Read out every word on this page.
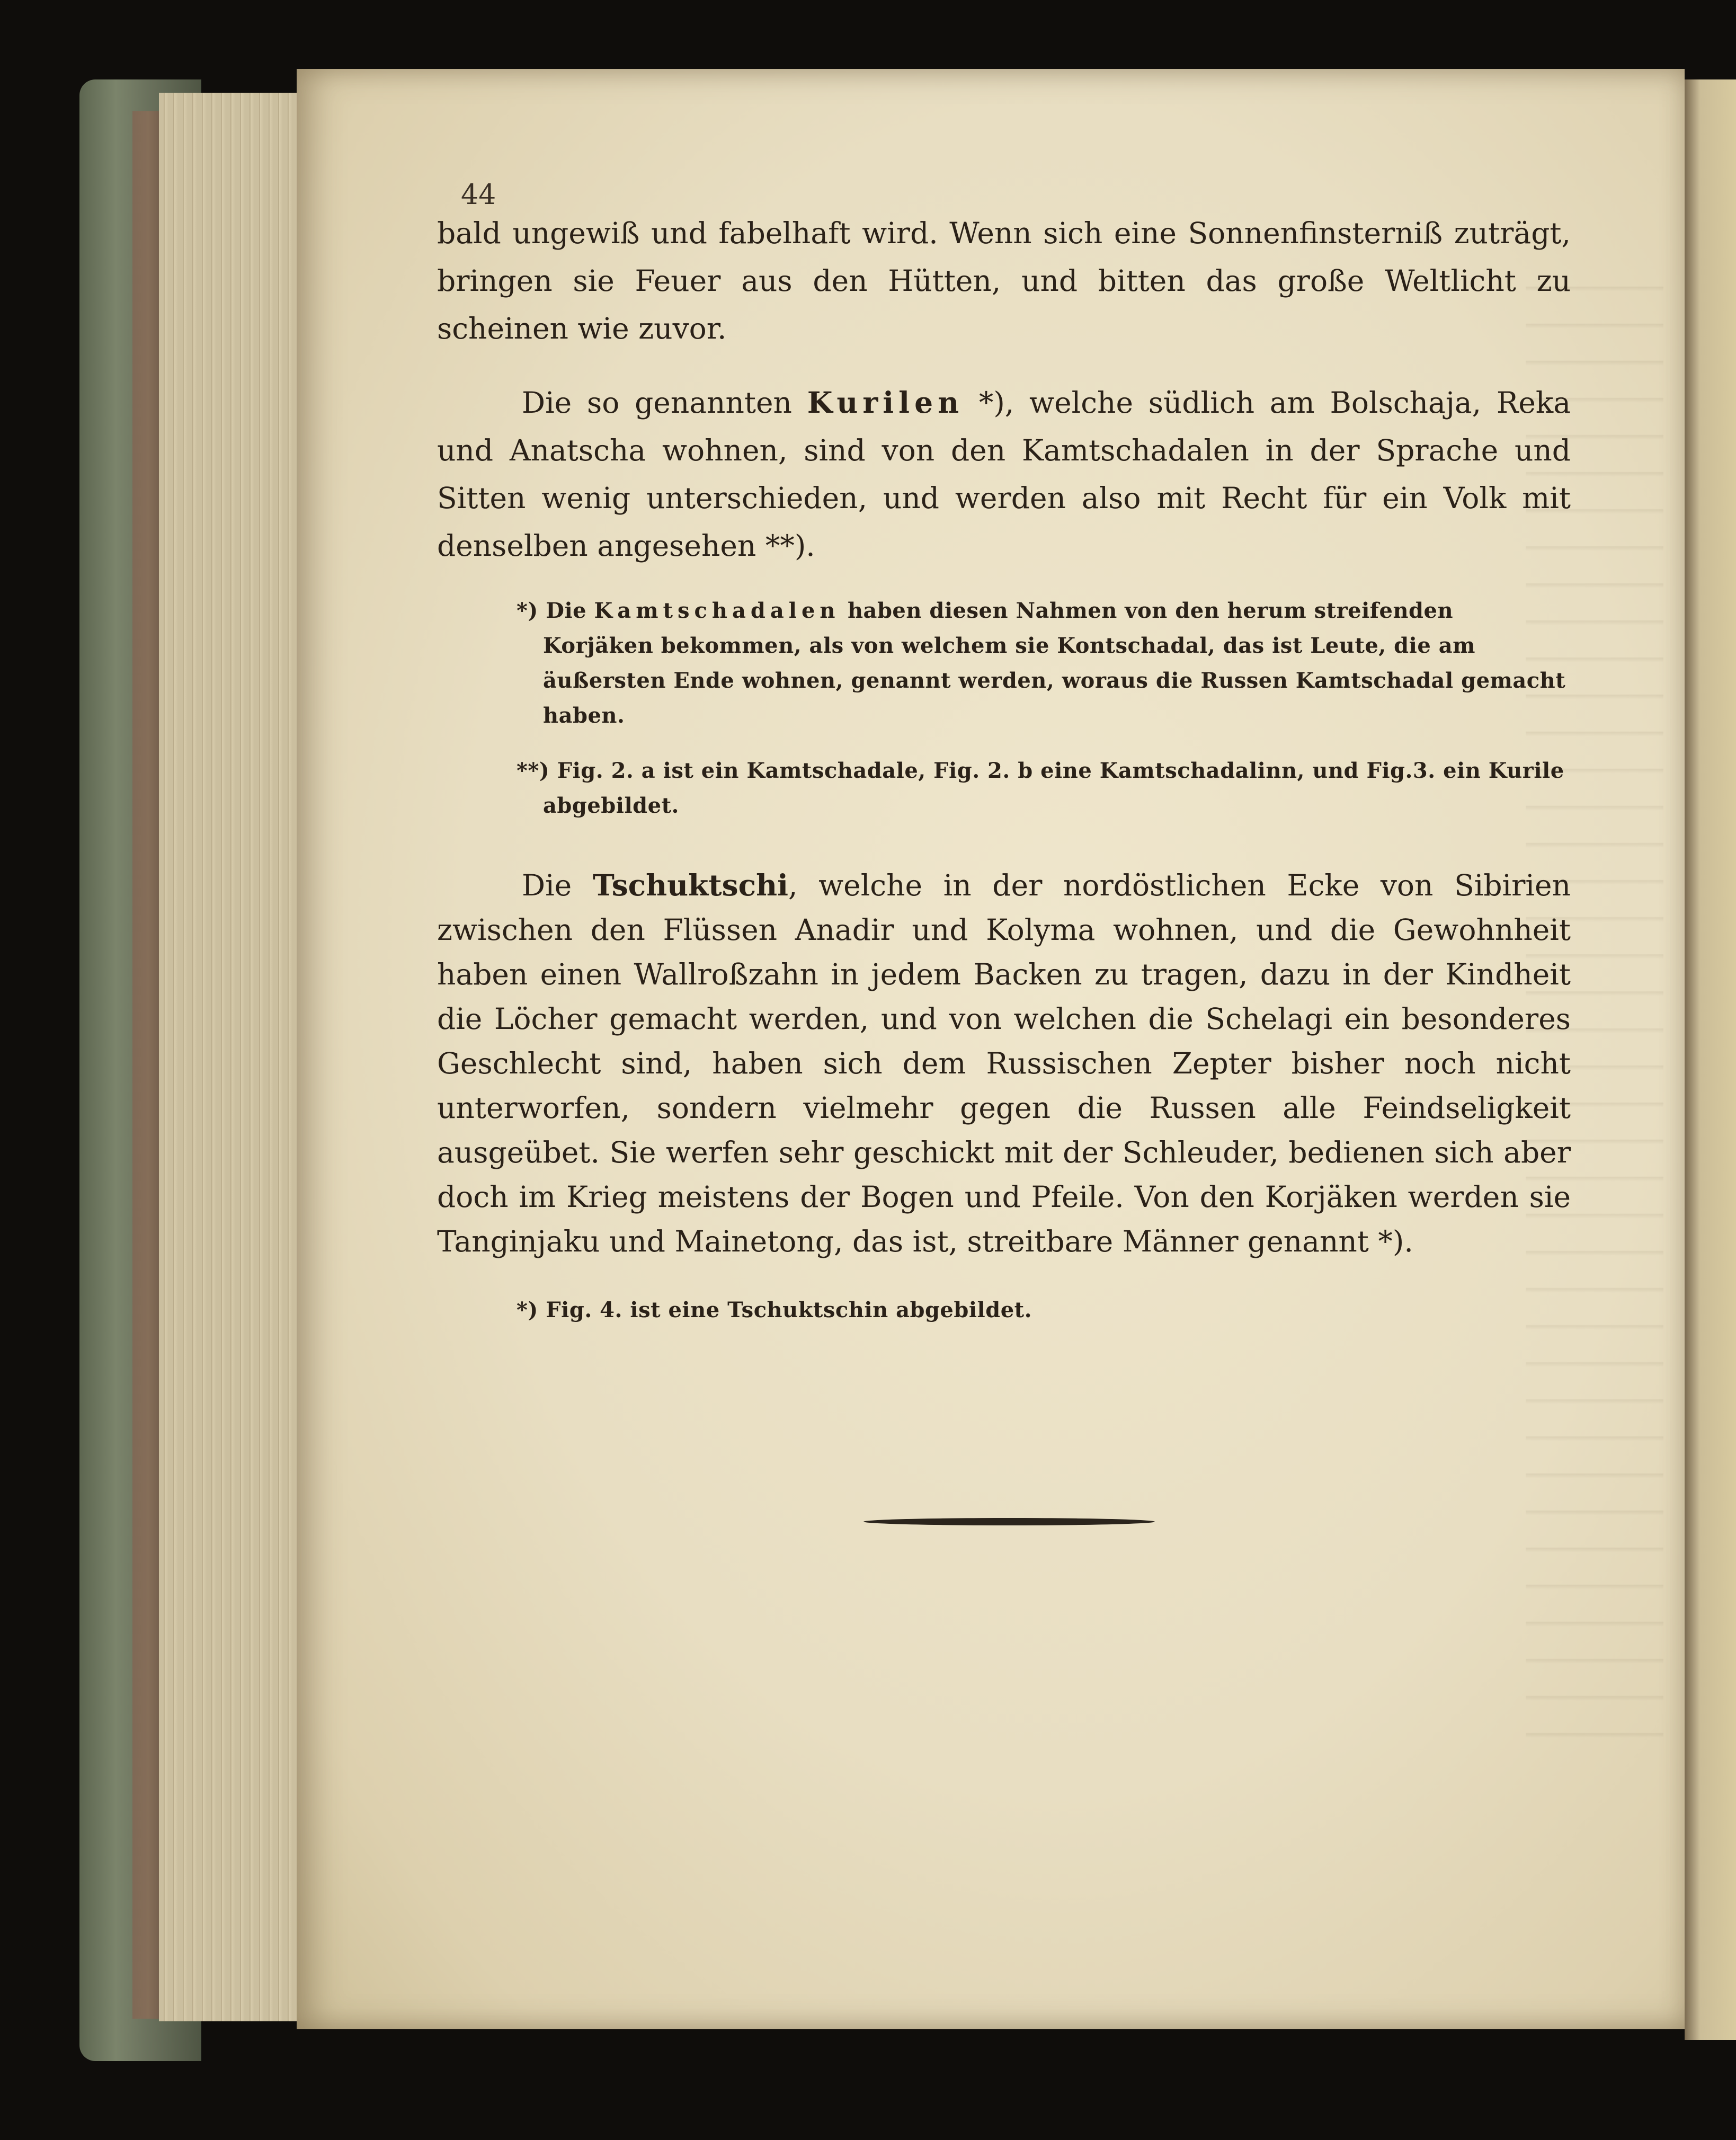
44

bald ungewiß und fabelhaft wird. Wenn sich eine Sonnenfinsterniß zuträgt, bringen sie Feuer aus den Hütten, und bitten das große Weltlicht zu scheinen wie zuvor.

Die so genannten Kurilen *), welche südlich am Bolschaja, Reka und Anatscha wohnen, sind von den Kamtschadalen in der Sprache und Sitten wenig unterschieden, und werden also mit Recht für ein Volk mit denselben angesehen **).

*) Die Kamtschadalen haben diesen Nahmen von den herum streifenden Korjäken bekommen, als von welchem sie Kontschadal, das ist Leute, die am äußersten Ende wohnen, genannt werden, woraus die Russen Kamtschadal gemacht haben.

**) Fig. 2. a ist ein Kamtschadale, Fig. 2. b eine Kamtschadalinn, und Fig.3. ein Kurile abgebildet.

Die Tschuktschi, welche in der nordöstlichen Ecke von Sibirien zwischen den Flüssen Anadir und Kolyma wohnen, und die Gewohnheit haben einen Wallroßzahn in jedem Backen zu tragen, dazu in der Kindheit die Löcher gemacht werden, und von welchen die Schelagi ein besonderes Geschlecht sind, haben sich dem Russischen Zepter bisher noch nicht unterworfen, sondern vielmehr gegen die Russen alle Feindseligkeit ausgeübet. Sie werfen sehr geschickt mit der Schleuder, bedienen sich aber doch im Krieg meistens der Bogen und Pfeile. Von den Korjäken werden sie Tanginjaku und Mainetong, das ist, streitbare Männer genannt *).

*) Fig. 4. ist eine Tschuktschin abgebildet.
